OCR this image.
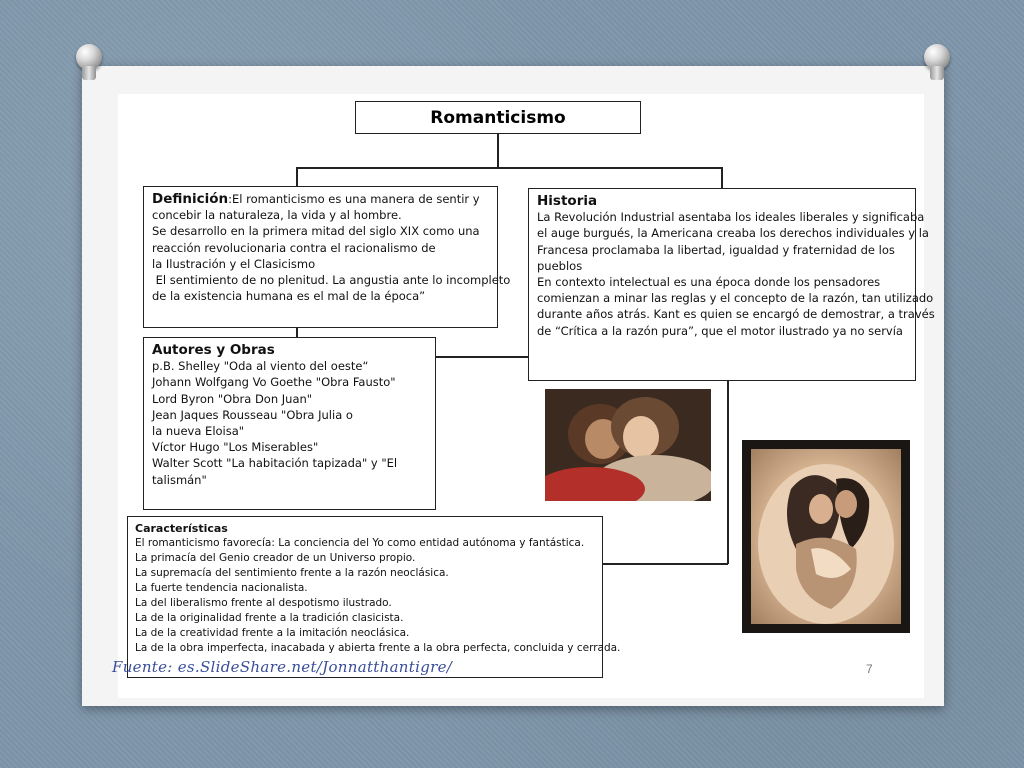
Romanticismo
Definición:El romanticismo es una manera de sentir y
concebir la naturaleza, la vida y al hombre.
Se desarrollo en la primera mitad del siglo XIX como una
reacción revolucionaria contra el racionalismo de
la Ilustración y el Clasicismo
El sentimiento de no plenitud. La angustia ante lo incompleto
de la existencia humana es el mal de la época”
Historia
La Revolución Industrial asentaba los ideales liberales y significaba
el auge burgués, la Americana creaba los derechos individuales y la
Francesa proclamaba la libertad, igualdad y fraternidad de los
pueblos
En contexto intelectual es una época donde los pensadores
comienzan a minar las reglas y el concepto de la razón, tan utilizado
durante años atrás. Kant es quien se encargó de demostrar, a través
de “Crítica a la razón pura”, que el motor ilustrado ya no servía
Autores y Obras
p.B. Shelley "Oda al viento del oeste“
Johann Wolfgang Vo Goethe "Obra Fausto"
Lord Byron "Obra Don Juan"
Jean Jaques Rousseau "Obra Julia o
la nueva Eloisa"
Víctor Hugo "Los Miserables"
Walter Scott "La habitación tapizada" y "El
talismán"
Características
El romanticismo favorecía: La conciencia del Yo como entidad autónoma y fantástica.
La primacía del Genio creador de un Universo propio.
La supremacía del sentimiento frente a la razón neoclásica.
La fuerte tendencia nacionalista.
La del liberalismo frente al despotismo ilustrado.
La de la originalidad frente a la tradición clasicista.
La de la creatividad frente a la imitación neoclásica.
La de la obra imperfecta, inacabada y abierta frente a la obra perfecta, concluida y cerrada.
Fuente: es.SlideShare.net/Jonnatthantigre/	7
